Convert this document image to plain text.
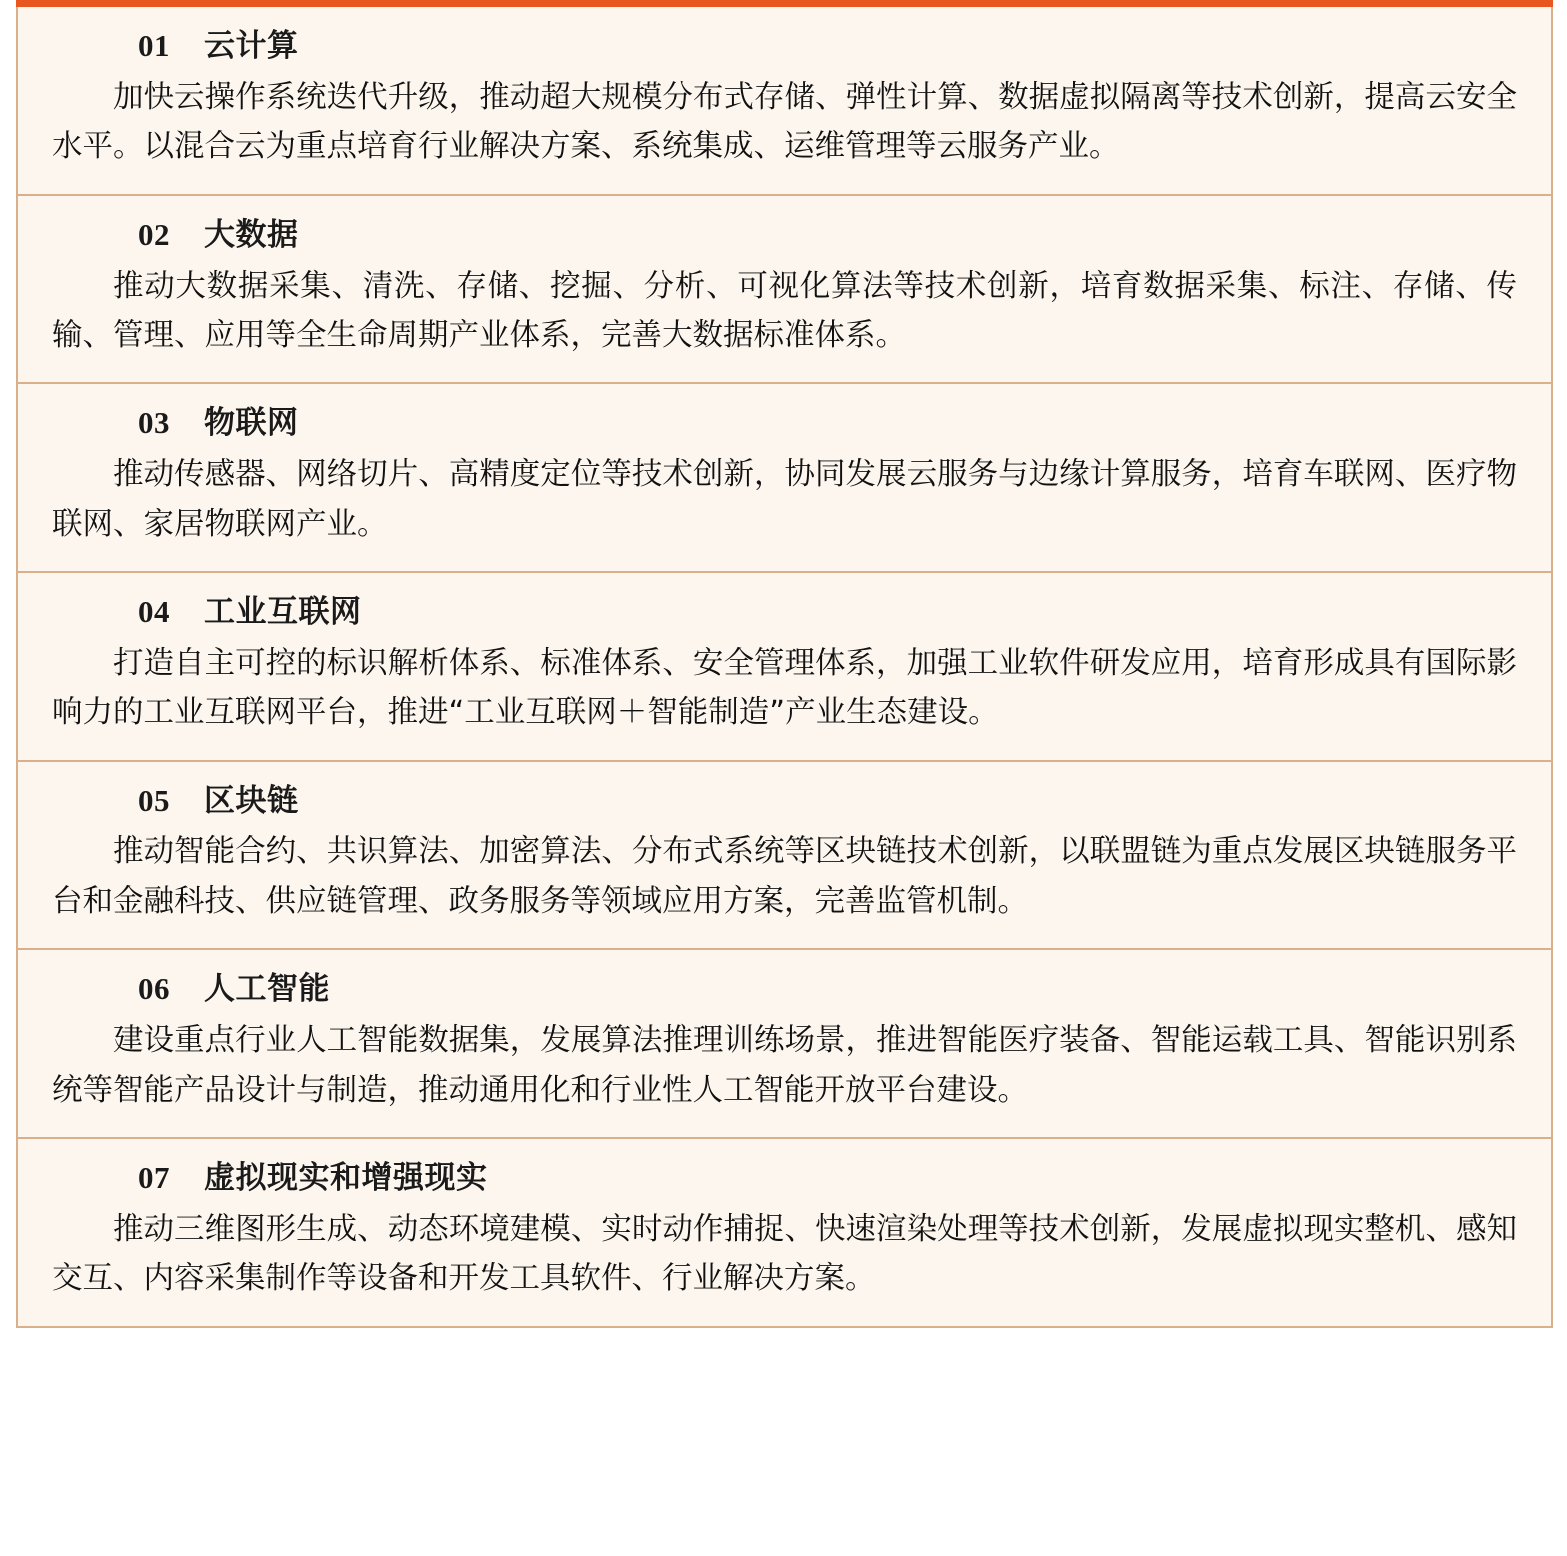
01 云计算
加快云操作系统迭代升级，推动超大规模分布式存储、弹性计算、数据虚拟隔离等技术创新，提高云安全水平。以混合云为重点培育行业解决方案、系统集成、运维管理等云服务产业。
02 大数据
推动大数据采集、清洗、存储、挖掘、分析、可视化算法等技术创新，培育数据采集、标注、存储、传输、管理、应用等全生命周期产业体系，完善大数据标准体系。
03 物联网
推动传感器、网络切片、高精度定位等技术创新，协同发展云服务与边缘计算服务，培育车联网、医疗物联网、家居物联网产业。
04 工业互联网
打造自主可控的标识解析体系、标准体系、安全管理体系，加强工业软件研发应用，培育形成具有国际影响力的工业互联网平台，推进“工业互联网＋智能制造”产业生态建设。
05 区块链
推动智能合约、共识算法、加密算法、分布式系统等区块链技术创新，以联盟链为重点发展区块链服务平台和金融科技、供应链管理、政务服务等领域应用方案，完善监管机制。
06 人工智能
建设重点行业人工智能数据集，发展算法推理训练场景，推进智能医疗装备、智能运载工具、智能识别系统等智能产品设计与制造，推动通用化和行业性人工智能开放平台建设。
07 虚拟现实和增强现实
推动三维图形生成、动态环境建模、实时动作捕捉、快速渲染处理等技术创新，发展虚拟现实整机、感知交互、内容采集制作等设备和开发工具软件、行业解决方案。
